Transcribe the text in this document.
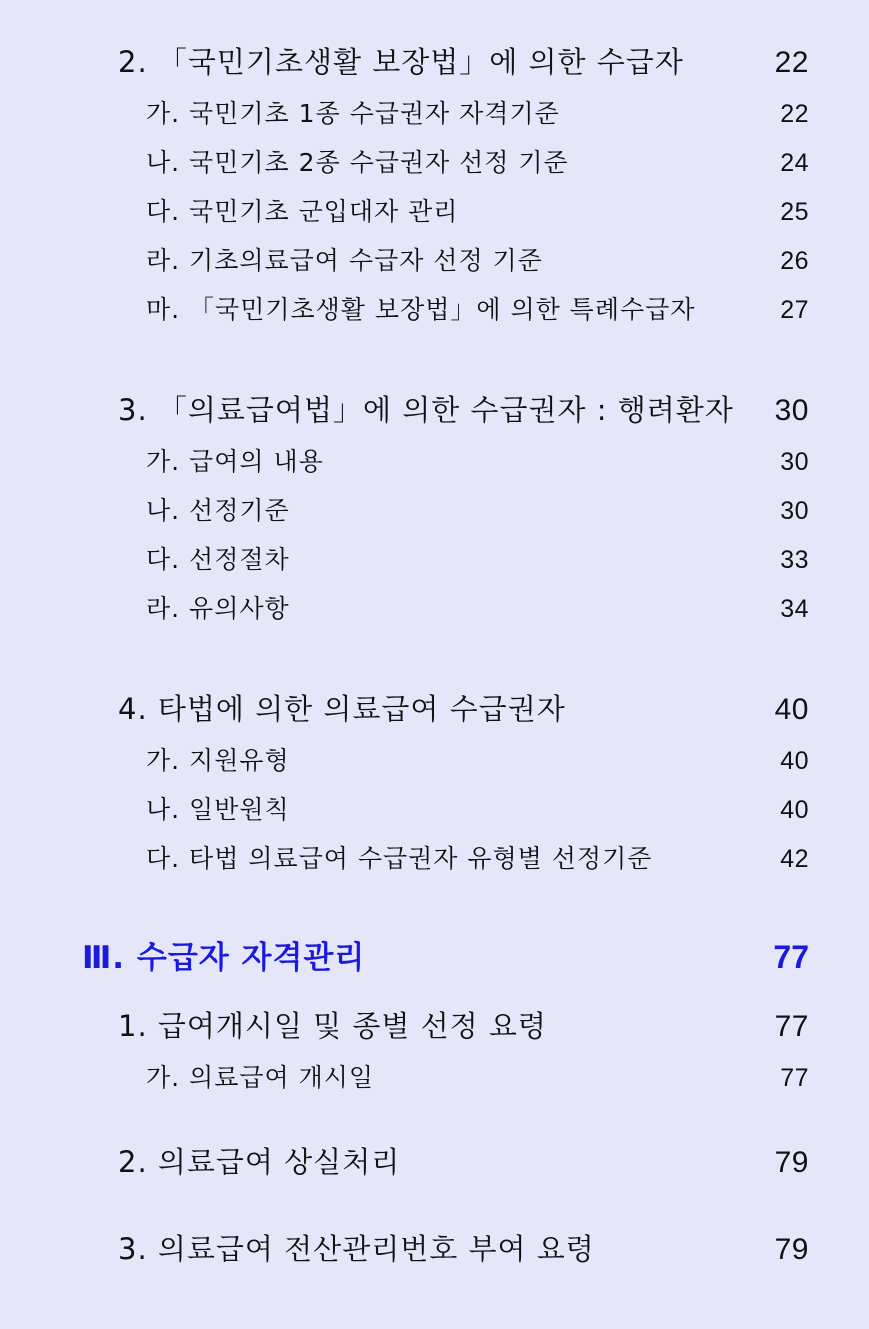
2. 「국민기초생활 보장법」에 의한 수급자	22
가. 국민기초 1종 수급권자 자격기준	22
나. 국민기초 2종 수급권자 선정 기준	24
다. 국민기초 군입대자 관리	25
라. 기초의료급여 수급자 선정 기준	26
마. 「국민기초생활 보장법」에 의한 특례수급자	27
3. 「의료급여법」에 의한 수급권자 : 행려환자 30
가. 급여의 내용	30
나. 선정기준	30
다. 선정절차	33
라. 유의사항	34
4. 타법에 의한 의료급여 수급권자	40
가. 지원유형	40
나. 일반원칙	40
다. 타법 의료급여 수급권자 유형별 선정기준	42
Ⅲ. 수급자 자격관리	77
1. 급여개시일 및 종별 선정 요령	77
가. 의료급여 개시일	77
2. 의료급여 상실처리	79
3. 의료급여 전산관리번호 부여 요령	79
